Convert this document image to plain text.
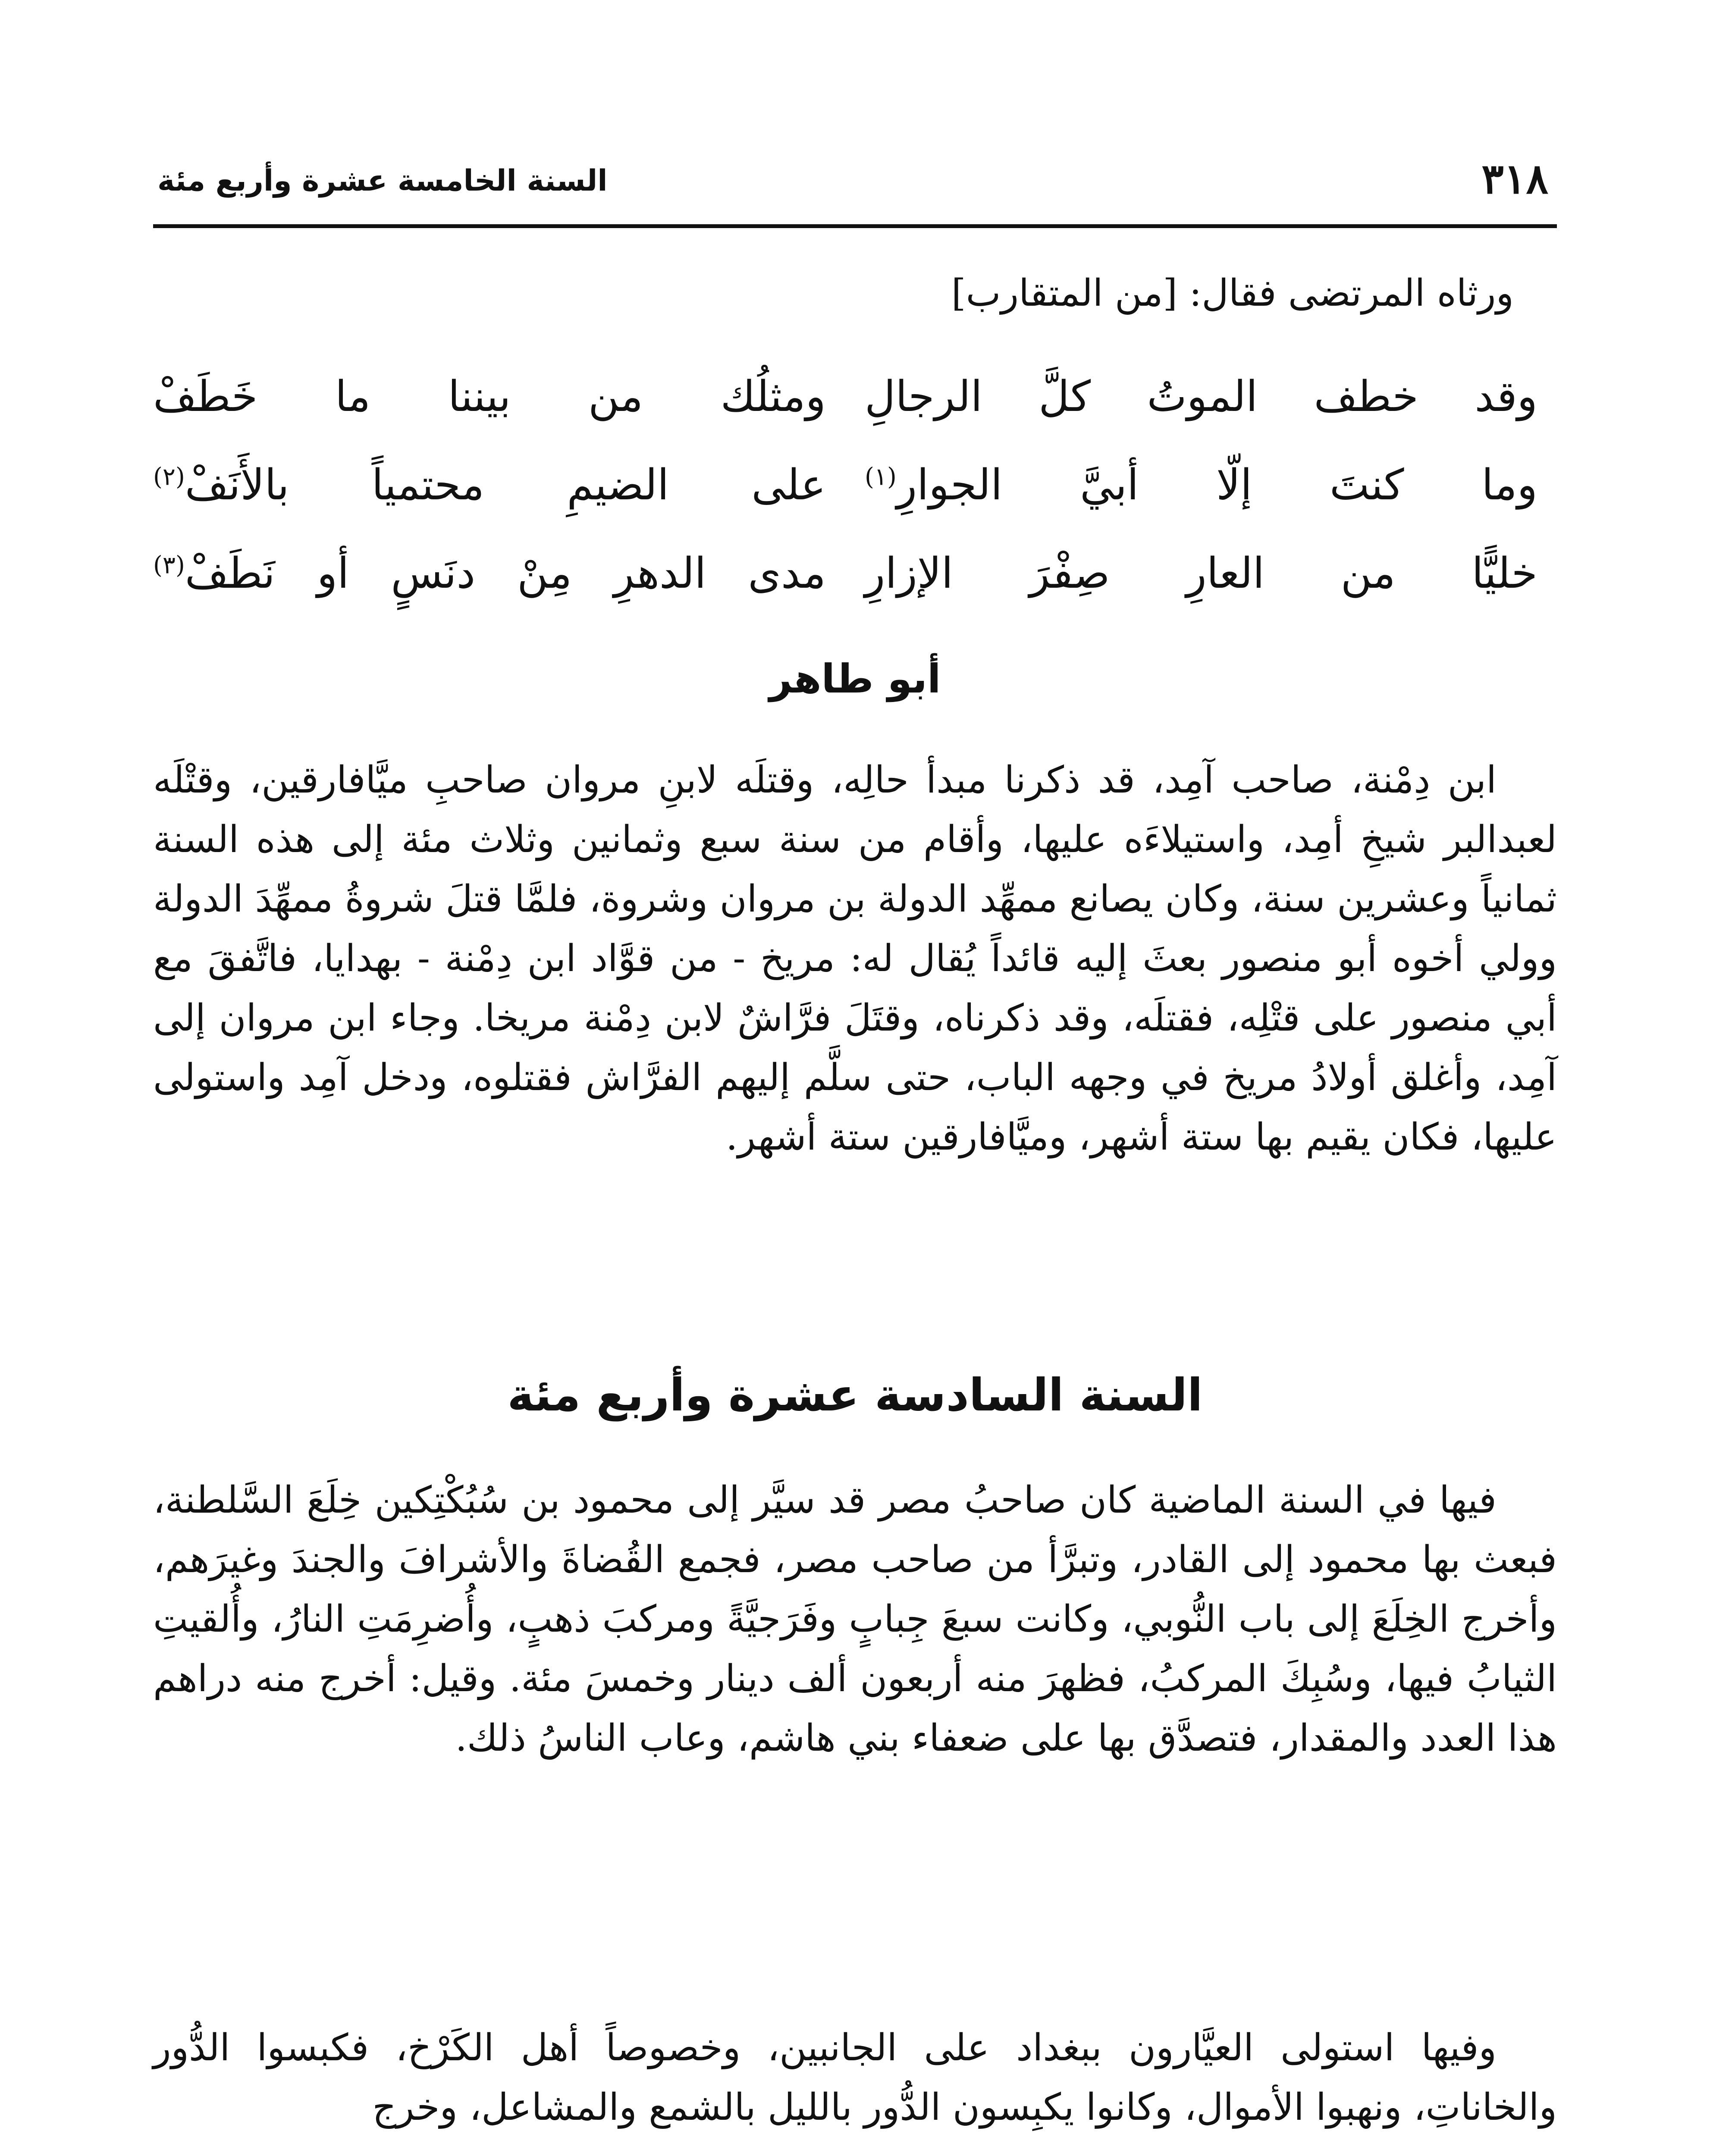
٣١٨
السنة الخامسة عشرة وأربع مئة
ورثاه المرتضى فقال: [من المتقارب]
وقد خطف الموتُ كلَّ الرجالِ
ومثلُك من بيننا ما خَطَفْ
وما كنتَ إلّا أبيَّ الجوارِ$^{(١)}$
على الضيمِ محتمياً بالأَنَفْ$^{(٢)}$
خليًّا من العارِ صِفْرَ الإزارِ
مدى الدهرِ مِنْ دنَسٍ أو نَطَفْ$^{(٣)}$
أبو طاهر

ابن دِمْنة، صاحب آمِد، قد ذكرنا مبدأ حالِه، وقتلَه لابنِ مروان صاحبِ ميَّافارقين، وقتْلَه لعبدالبر شيخِ أمِد، واستيلاءَه عليها، وأقام من سنة سبع وثمانين وثلاث مئة إلى هذه السنة ثمانياً وعشرين سنة، وكان يصانع ممهِّد الدولة بن مروان وشروة، فلمَّا قتلَ شروةُ ممهِّدَ الدولة وولي أخوه أبو منصور بعثَ إليه قائداً يُقال له: مريخ - من قوَّاد ابن دِمْنة - بهدايا، فاتَّفقَ مع أبي منصور على قتْلِه، فقتلَه، وقد ذكرناه، وقتَلَ فرَّاشٌ لابن دِمْنة مريخا. وجاء ابن مروان إلى آمِد، وأغلق أولادُ مريخ في وجهه الباب، حتى سلَّم إليهم الفرَّاش فقتلوه، ودخل آمِد واستولى عليها، فكان يقيم بها ستة أشهر، وميَّافارقين ستة أشهر.

السنة السادسة عشرة وأربع مئة

فيها في السنة الماضية كان صاحبُ مصر قد سيَّر إلى محمود بن سُبُكْتِكين خِلَعَ السَّلطنة، فبعث بها محمود إلى القادر، وتبرَّأ من صاحب مصر، فجمع القُضاةَ والأشرافَ والجندَ وغيرَهم، وأخرج الخِلَعَ إلى باب النُّوبي، وكانت سبعَ جِبابٍ وفَرَجيَّةً ومركبَ ذهبٍ، وأُضرِمَتِ النارُ، وأُلقيتِ الثيابُ فيها، وسُبِكَ المركبُ، فظهرَ منه أربعون ألف دينار وخمسَ مئة. وقيل: أخرج منه دراهم هذا العدد والمقدار، فتصدَّق بها على ضعفاء بني هاشم، وعاب الناسُ ذلك.

وفيها استولى العيَّارون ببغداد على الجانبين، وخصوصاً أهل الكَرْخ، فكبسوا الدُّور والخاناتِ، ونهبوا الأموال، وكانوا يكبِسون الدُّور بالليل بالشمع والمشاعل، وخرج
